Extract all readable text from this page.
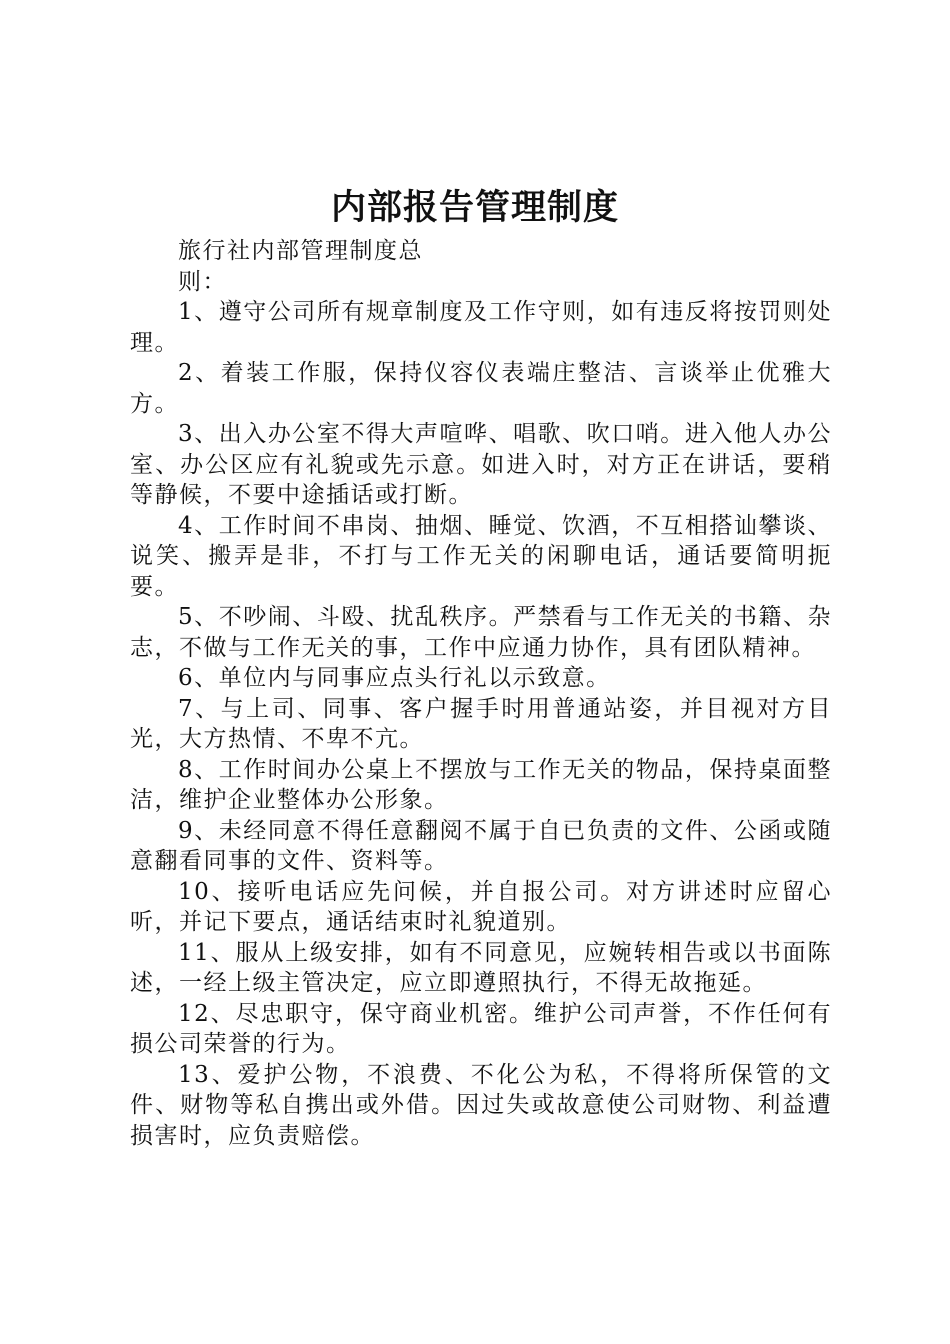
内部报告管理制度

旅行社内部管理制度总
则：

1、遵守公司所有规章制度及工作守则，如有违反将按罚则处理。

2、着装工作服，保持仪容仪表端庄整洁、言谈举止优雅大方。

3、出入办公室不得大声喧哗、唱歌、吹口哨。进入他人办公室、办公区应有礼貌或先示意。如进入时，对方正在讲话，要稍等静候，不要中途插话或打断。

4、工作时间不串岗、抽烟、睡觉、饮酒，不互相搭讪攀谈、说笑、搬弄是非，不打与工作无关的闲聊电话，通话要简明扼要。

5、不吵闹、斗殴、扰乱秩序。严禁看与工作无关的书籍、杂志，不做与工作无关的事，工作中应通力协作，具有团队精神。

6、单位内与同事应点头行礼以示致意。

7、与上司、同事、客户握手时用普通站姿，并目视对方目光，大方热情、不卑不亢。

8、工作时间办公桌上不摆放与工作无关的物品，保持桌面整洁，维护企业整体办公形象。

9、未经同意不得任意翻阅不属于自已负责的文件、公函或随意翻看同事的文件、资料等。

10、接听电话应先问候，并自报公司。对方讲述时应留心听，并记下要点，通话结束时礼貌道别。

11、服从上级安排，如有不同意见，应婉转相告或以书面陈述，一经上级主管决定，应立即遵照执行，不得无故拖延。

12、尽忠职守，保守商业机密。维护公司声誉，不作任何有损公司荣誉的行为。

13、爱护公物，不浪费、不化公为私，不得将所保管的文件、财物等私自携出或外借。因过失或故意使公司财物、利益遭损害时，应负责赔偿。
